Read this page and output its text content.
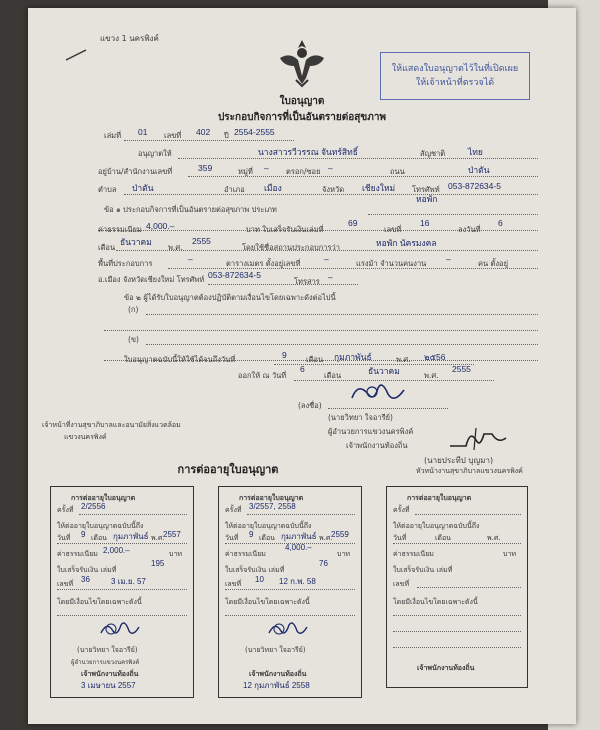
แขวง 1 นครพิงค์
ให้แสดงใบอนุญาตไว้ในที่เปิดเผย
ให้เจ้าหน้าที่ตรวจได้
ใบอนุญาต
ประกอบกิจการที่เป็นอันตรายต่อสุขภาพ
เล่มที่ 01 เลขที่ 402 ปี 2554-2555
อนุญาตให้	นางสาวรวีวรรณ จันทร์สิทธิ์	สัญชาติ	ไทย
อยู่บ้าน/สำนักงานเลขที่	359	หมู่ที่ – ตรอก/ซอย –	ถนน	ป่าตัน
ตำบล ป่าตัน	อำเภอ เมือง	จังหวัด เชียงใหม่ โทรศัพท์ 053-872634-5
หอพัก
ข้อ ๑ ประกอบกิจการที่เป็นอันตรายต่อสุขภาพ ประเภท
ค่าธรรมเนียม 4,000.–	บาท ใบเสร็จรับเงินเล่มที่
69
เลขที่
16
ลงวันที่
6
เดือน
ธันวาคม
พ.ศ.
2555
โดยใช้ชื่อสถานประกอบการว่า	หอพัก นัครมงคล
พื้นที่ประกอบการ	–	ตารางเมตร ตั้งอยู่เลขที่	–	แรงม้า จำนวนคนงาน –	คน ตั้งอยู่
อ.เมือง จังหวัดเชียงใหม่ โทรศัพท์ 053-872634-5
โทรสาร –
ข้อ ๒ ผู้ได้รับใบอนุญาตต้องปฏิบัติตามเงื่อนไขโดยเฉพาะดังต่อไปนี้
(ก)
(ข)
ใบอนุญาตฉบับนี้ให้ใช้ได้จนถึงวันที่	9	เดือน กุมภาพันธ์	พ.ศ. ๒๕56
ออกให้ ณ วันที่
6
เดือน	ธันวาคม	พ.ศ.
2555
(ลงชื่อ)
(นายวิทยา ใจอารีย์)
ผู้อำนวยการแขวงนครพิงค์
เจ้าพนักงานท้องถิ่น
เจ้าหน้าที่งานสุขาภิบาลและอนามัยสิ่งแวดล้อม
แขวงนครพิงค์
(นายประทีป บุญมา)
หัวหน้างานสุขาภิบาลแขวงนครพิงค์
การต่ออายุใบอนุญาต
การต่ออายุใบอนุญาต
ครั้งที่ 2/2556
ให้ต่ออายุใบอนุญาตฉบับนี้ถึง
วันที่ 9 เดือน กุมภาพันธ์ พ.ศ.
2557
ค่าธรรมเนียม 2,000.–	บาท
ใบเสร็จรับเงิน เล่มที่
195
เลขที่ 36	3 เม.ย. 57
โดยมีเงื่อนไขโดยเฉพาะดังนี้
(นายวิทยา ใจอารีย์)
ผู้อำนวยการแขวงนครพิงค์
เจ้าพนักงานท้องถิ่น
3 เมษายน 2557
การต่ออายุใบอนุญาต
ครั้งที่ 3/2557, 2558
ให้ต่ออายุใบอนุญาตฉบับนี้ถึง
วันที่ 9 เดือน กุมภาพันธ์ พ.ศ.
2559
ค่าธรรมเนียม
4,000.–
บาท
ใบเสร็จรับเงิน เล่มที่
76
เลขที่ 10 12 ก.พ. 58
โดยมีเงื่อนไขโดยเฉพาะดังนี้
(นายวิทยา ใจอารีย์)
เจ้าพนักงานท้องถิ่น
12 กุมภาพันธ์ 2558
การต่ออายุใบอนุญาต
ครั้งที่
ให้ต่ออายุใบอนุญาตฉบับนี้ถึง
วันที่	เดือน	พ.ศ.
ค่าธรรมเนียม	บาท
ใบเสร็จรับเงิน เล่มที่
เลขที่
โดยมีเงื่อนไขโดยเฉพาะดังนี้
เจ้าพนักงานท้องถิ่น
